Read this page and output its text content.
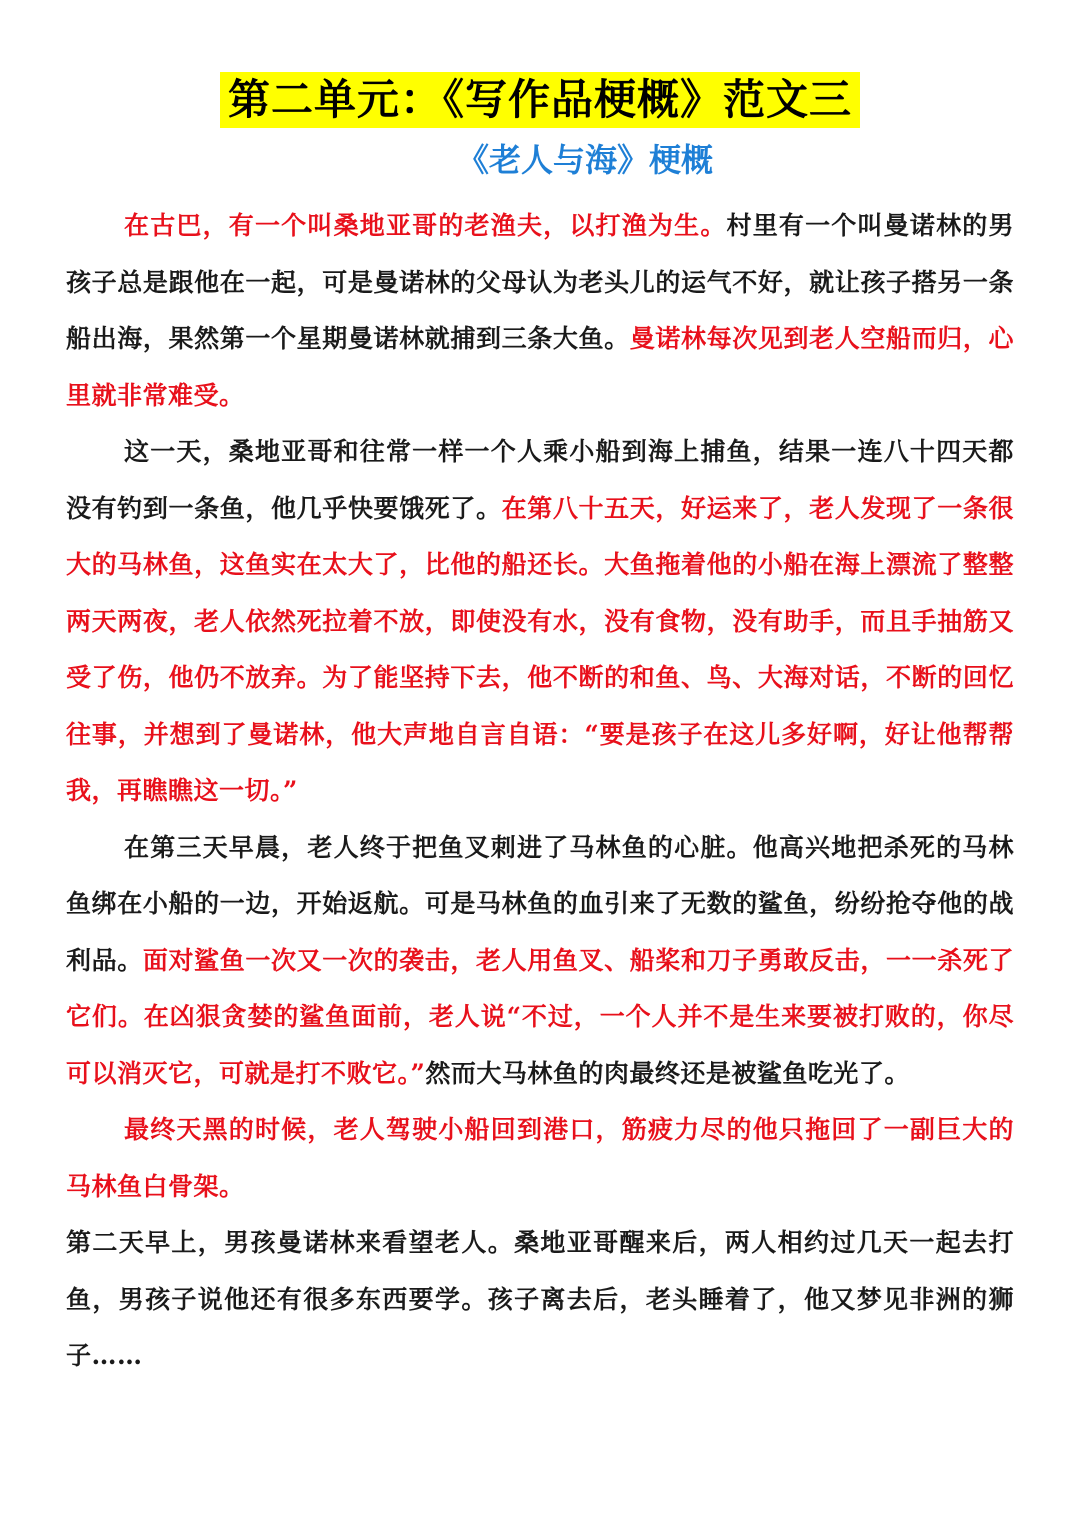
第二单元：《写作品梗概》范文三
《老人与海》梗概

在古巴，有一个叫桑地亚哥的老渔夫，以打渔为生。村里有一个叫曼诺林的男孩子总是跟他在一起，可是曼诺林的父母认为老头儿的运气不好，就让孩子搭另一条船出海，果然第一个星期曼诺林就捕到三条大鱼。曼诺林每次见到老人空船而归，心里就非常难受。

这一天，桑地亚哥和往常一样一个人乘小船到海上捕鱼，结果一连八十四天都没有钓到一条鱼，他几乎快要饿死了。在第八十五天，好运来了，老人发现了一条很大的马林鱼，这鱼实在太大了，比他的船还长。大鱼拖着他的小船在海上漂流了整整两天两夜，老人依然死拉着不放，即使没有水，没有食物，没有助手，而且手抽筋又受了伤，他仍不放弃。为了能坚持下去，他不断的和鱼、鸟、大海对话，不断的回忆往事，并想到了曼诺林，他大声地自言自语：“要是孩子在这儿多好啊，好让他帮帮我，再瞧瞧这一切。”

在第三天早晨，老人终于把鱼叉刺进了马林鱼的心脏。他高兴地把杀死的马林鱼绑在小船的一边，开始返航。可是马林鱼的血引来了无数的鲨鱼，纷纷抢夺他的战利品。面对鲨鱼一次又一次的袭击，老人用鱼叉、船桨和刀子勇敢反击，一一杀死了它们。在凶狠贪婪的鲨鱼面前，老人说“不过，一个人并不是生来要被打败的，你尽可以消灭它，可就是打不败它。”然而大马林鱼的肉最终还是被鲨鱼吃光了。

最终天黑的时候，老人驾驶小船回到港口，筋疲力尽的他只拖回了一副巨大的马林鱼白骨架。

第二天早上，男孩曼诺林来看望老人。桑地亚哥醒来后，两人相约过几天一起去打鱼，男孩子说他还有很多东西要学。孩子离去后，老头睡着了，他又梦见非洲的狮子……
